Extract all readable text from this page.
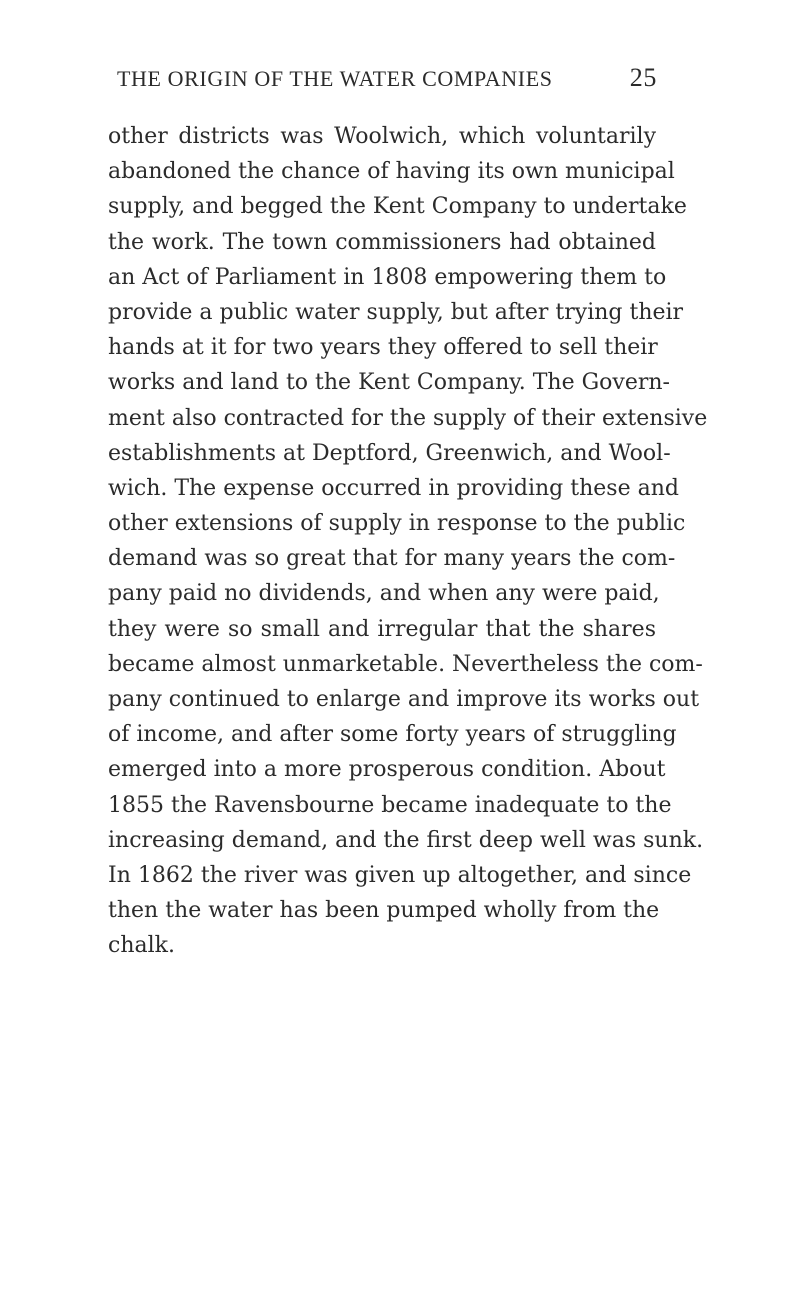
THE ORIGIN OF THE WATER COMPANIES	25
other districts was Woolwich, which voluntarily
abandoned the chance of having its own municipal
supply, and begged the Kent Company to undertake
the work. The town commissioners had obtained
an Act of Parliament in 1808 empowering them to
provide a public water supply, but after trying their
hands at it for two years they offered to sell their
works and land to the Kent Company. The Govern-
ment also contracted for the supply of their extensive
establishments at Deptford, Greenwich, and Wool-
wich. The expense occurred in providing these and
other extensions of supply in response to the public
demand was so great that for many years the com-
pany paid no dividends, and when any were paid,
they were so small and irregular that the shares
became almost unmarketable. Nevertheless the com-
pany continued to enlarge and improve its works out
of income, and after some forty years of struggling
emerged into a more prosperous condition. About
1855 the Ravensbourne became inadequate to the
increasing demand, and the first deep well was sunk.
In 1862 the river was given up altogether, and since
then the water has been pumped wholly from the
chalk.
